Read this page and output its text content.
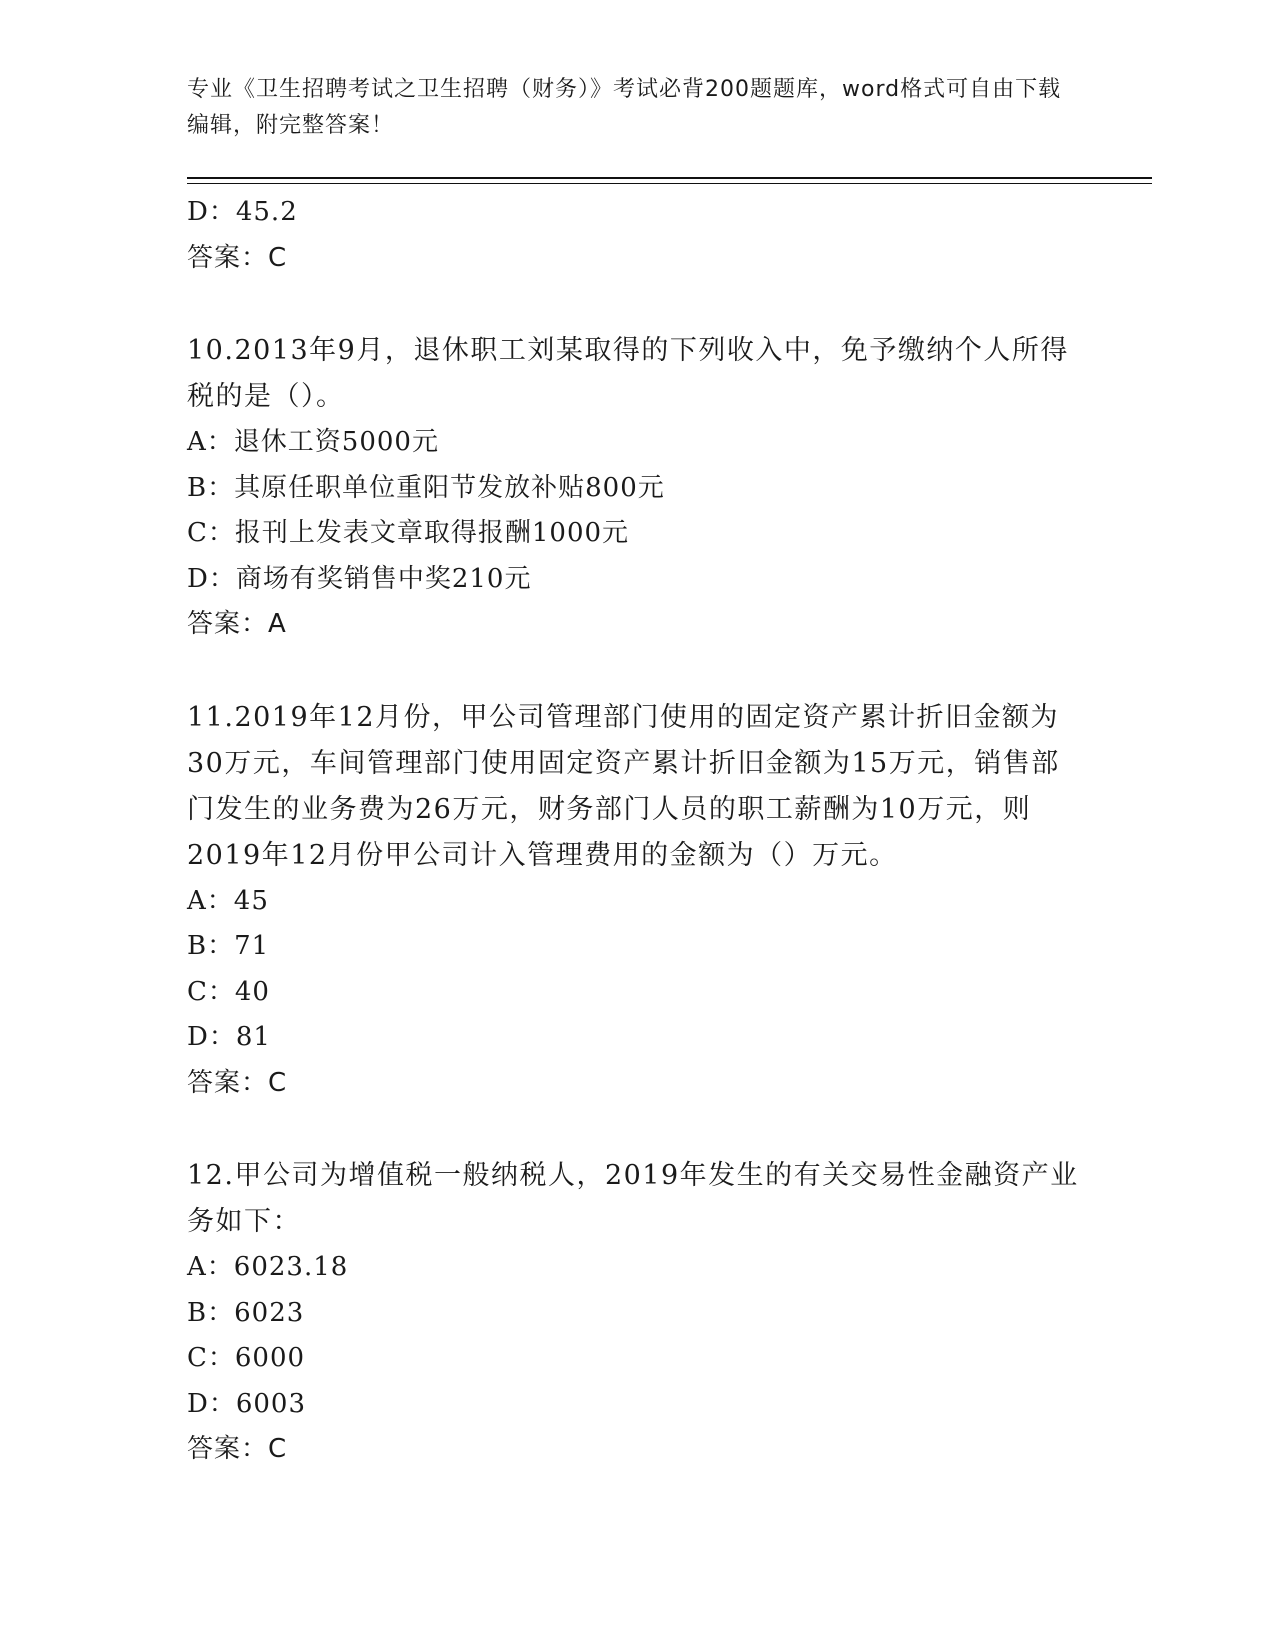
专业《卫生招聘考试之卫生招聘（财务）》考试必背200题题库，word格式可自由下载编辑，附完整答案！
D：45.2
答案：C
10.2013年9月，退休职工刘某取得的下列收入中，免予缴纳个人所得税的是（）。
A：退休工资5000元
B：其原任职单位重阳节发放补贴800元
C：报刊上发表文章取得报酬1000元
D：商场有奖销售中奖210元
答案：A
11.2019年12月份，甲公司管理部门使用的固定资产累计折旧金额为30万元，车间管理部门使用固定资产累计折旧金额为15万元，销售部门发生的业务费为26万元，财务部门人员的职工薪酬为10万元，则2019年12月份甲公司计入管理费用的金额为（）万元。
A：45
B：71
C：40
D：81
答案：C
12.甲公司为增值税一般纳税人，2019年发生的有关交易性金融资产业务如下：
A：6023.18
B：6023
C：6000
D：6003
答案：C
